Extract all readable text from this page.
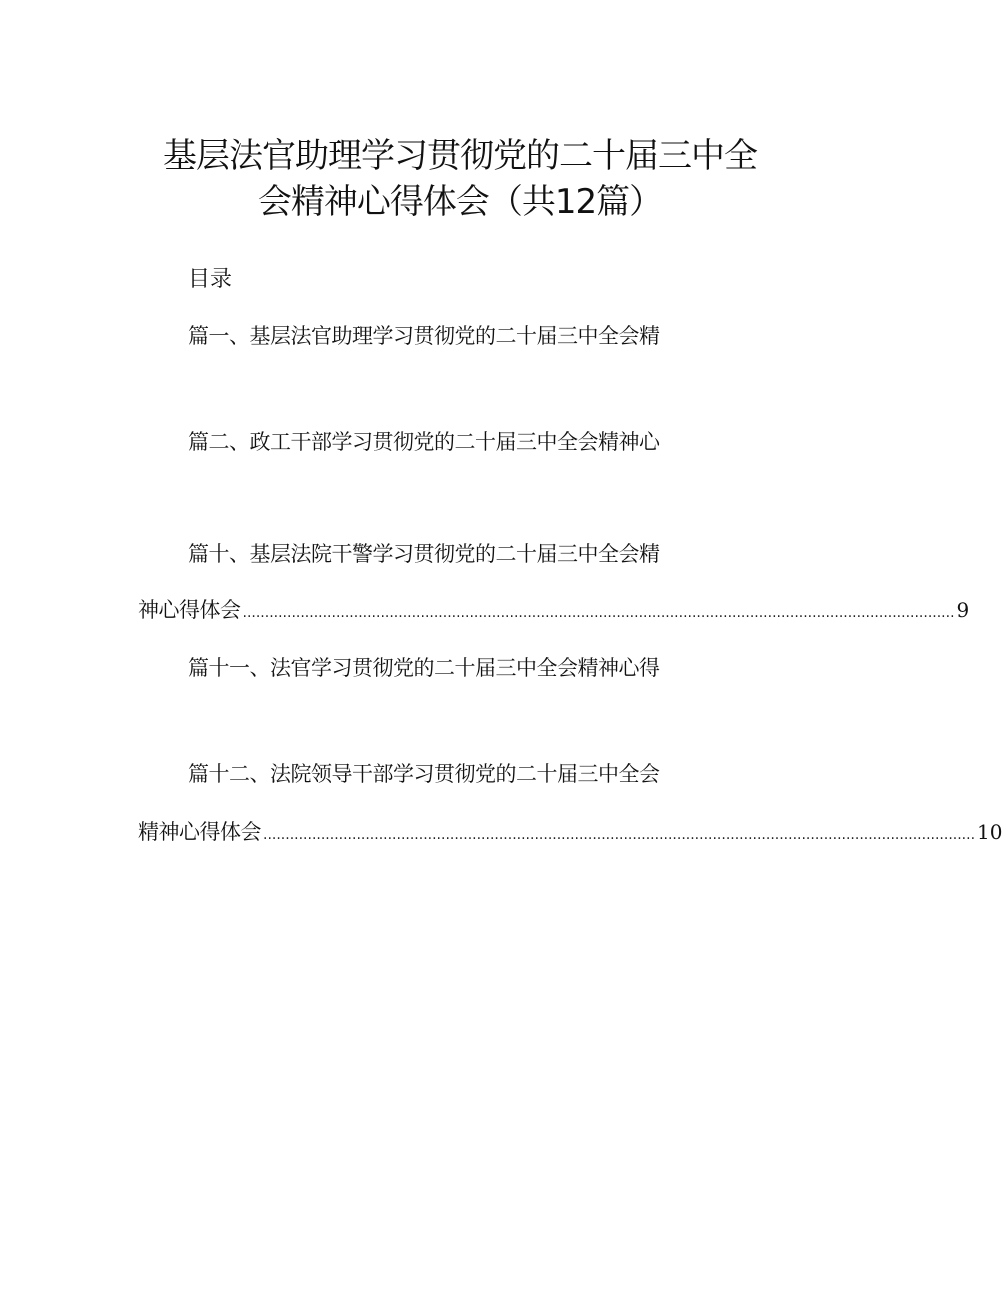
基层法官助理学习贯彻党的二十届三中全
会精神心得体会（共12篇）
目录
篇一、基层法官助理学习贯彻党的二十届三中全会精
篇二、政工干部学习贯彻党的二十届三中全会精神心
篇十、基层法院干警学习贯彻党的二十届三中全会精
神心得体会 ................................................................................................................................................................ 9
篇十一、法官学习贯彻党的二十届三中全会精神心得
篇十二、法院领导干部学习贯彻党的二十届三中全会
精神心得体会 ................................................................................................................................................................ 10
